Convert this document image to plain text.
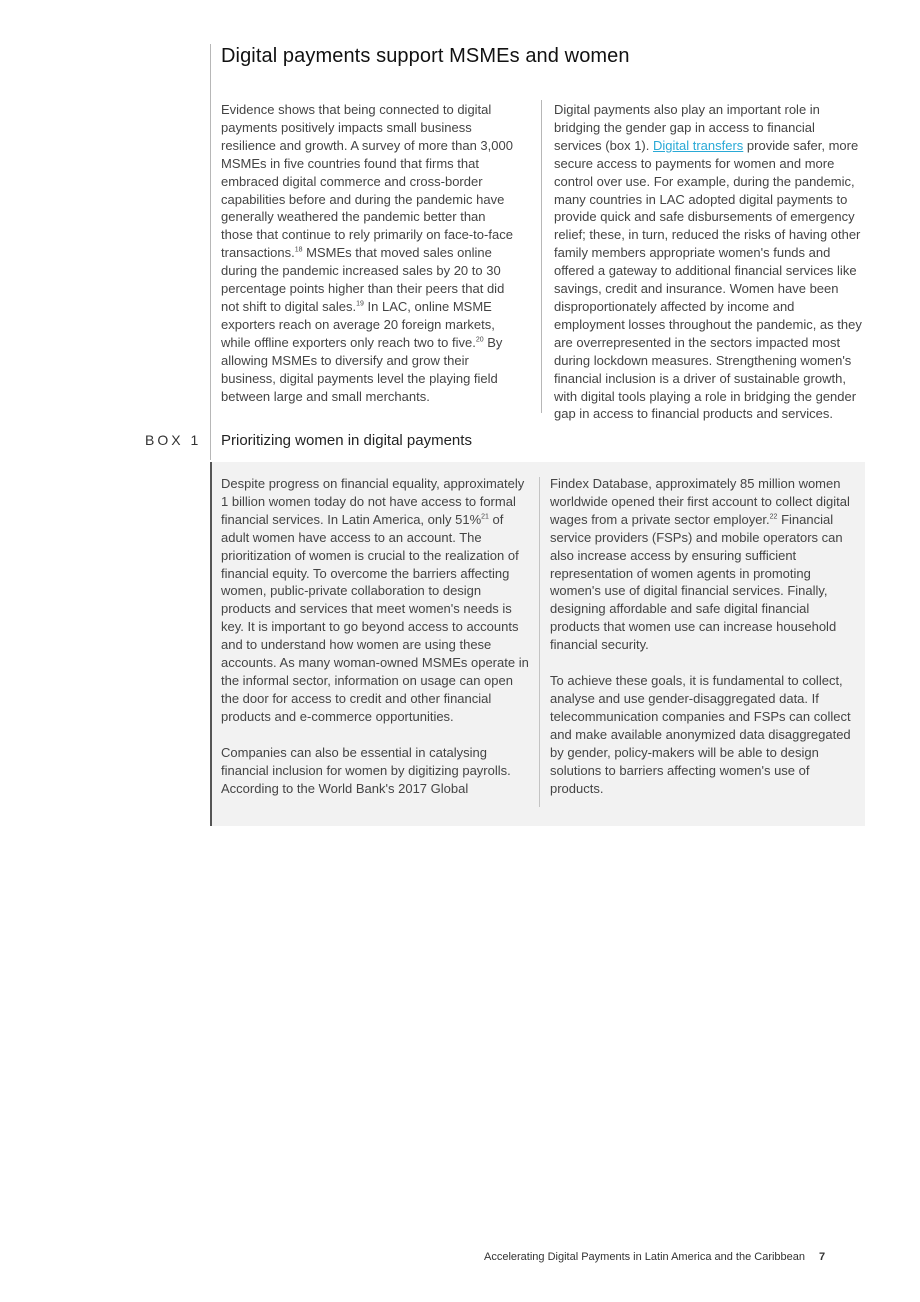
Digital payments support MSMEs and women

Evidence shows that being connected to digital payments positively impacts small business resilience and growth. A survey of more than 3,000 MSMEs in five countries found that firms that embraced digital commerce and cross-border capabilities before and during the pandemic have generally weathered the pandemic better than those that continue to rely primarily on face-to-face transactions.$^{18}$ MSMEs that moved sales online during the pandemic increased sales by 20 to 30 percentage points higher than their peers that did not shift to digital sales.$^{19}$ In LAC, online MSME exporters reach on average 20 foreign markets, while offline exporters only reach two to five.$^{20}$ By allowing MSMEs to diversify and grow their business, digital payments level the playing field between large and small merchants.

Digital payments also play an important role in bridging the gender gap in access to financial services (box 1). Digital transfers provide safer, more secure access to payments for women and more control over use. For example, during the pandemic, many countries in LAC adopted digital payments to provide quick and safe disbursements of emergency relief; these, in turn, reduced the risks of having other family members appropriate women's funds and offered a gateway to additional financial services like savings, credit and insurance. Women have been disproportionately affected by income and employment losses throughout the pandemic, as they are overrepresented in the sectors impacted most during lockdown measures. Strengthening women's financial inclusion is a driver of sustainable growth, with digital tools playing a role in bridging the gender gap in access to financial products and services.

BOX 1 Prioritizing women in digital payments

Despite progress on financial equality, approximately 1 billion women today do not have access to formal financial services. In Latin America, only 51%$^{21}$ of adult women have access to an account. The prioritization of women is crucial to the realization of financial equity. To overcome the barriers affecting women, public-private collaboration to design products and services that meet women's needs is key. It is important to go beyond access to accounts and to understand how women are using these accounts. As many woman-owned MSMEs operate in the informal sector, information on usage can open the door for access to credit and other financial products and e-commerce opportunities.

Companies can also be essential in catalysing financial inclusion for women by digitizing payrolls. According to the World Bank's 2017 Global

Findex Database, approximately 85 million women worldwide opened their first account to collect digital wages from a private sector employer.$^{22}$ Financial service providers (FSPs) and mobile operators can also increase access by ensuring sufficient representation of women agents in promoting women's use of digital financial services. Finally, designing affordable and safe digital financial products that women use can increase household financial security.

To achieve these goals, it is fundamental to collect, analyse and use gender-disaggregated data. If telecommunication companies and FSPs can collect and make available anonymized data disaggregated by gender, policy-makers will be able to design solutions to barriers affecting women's use of products.

Accelerating Digital Payments in Latin America and the Caribbean 7
